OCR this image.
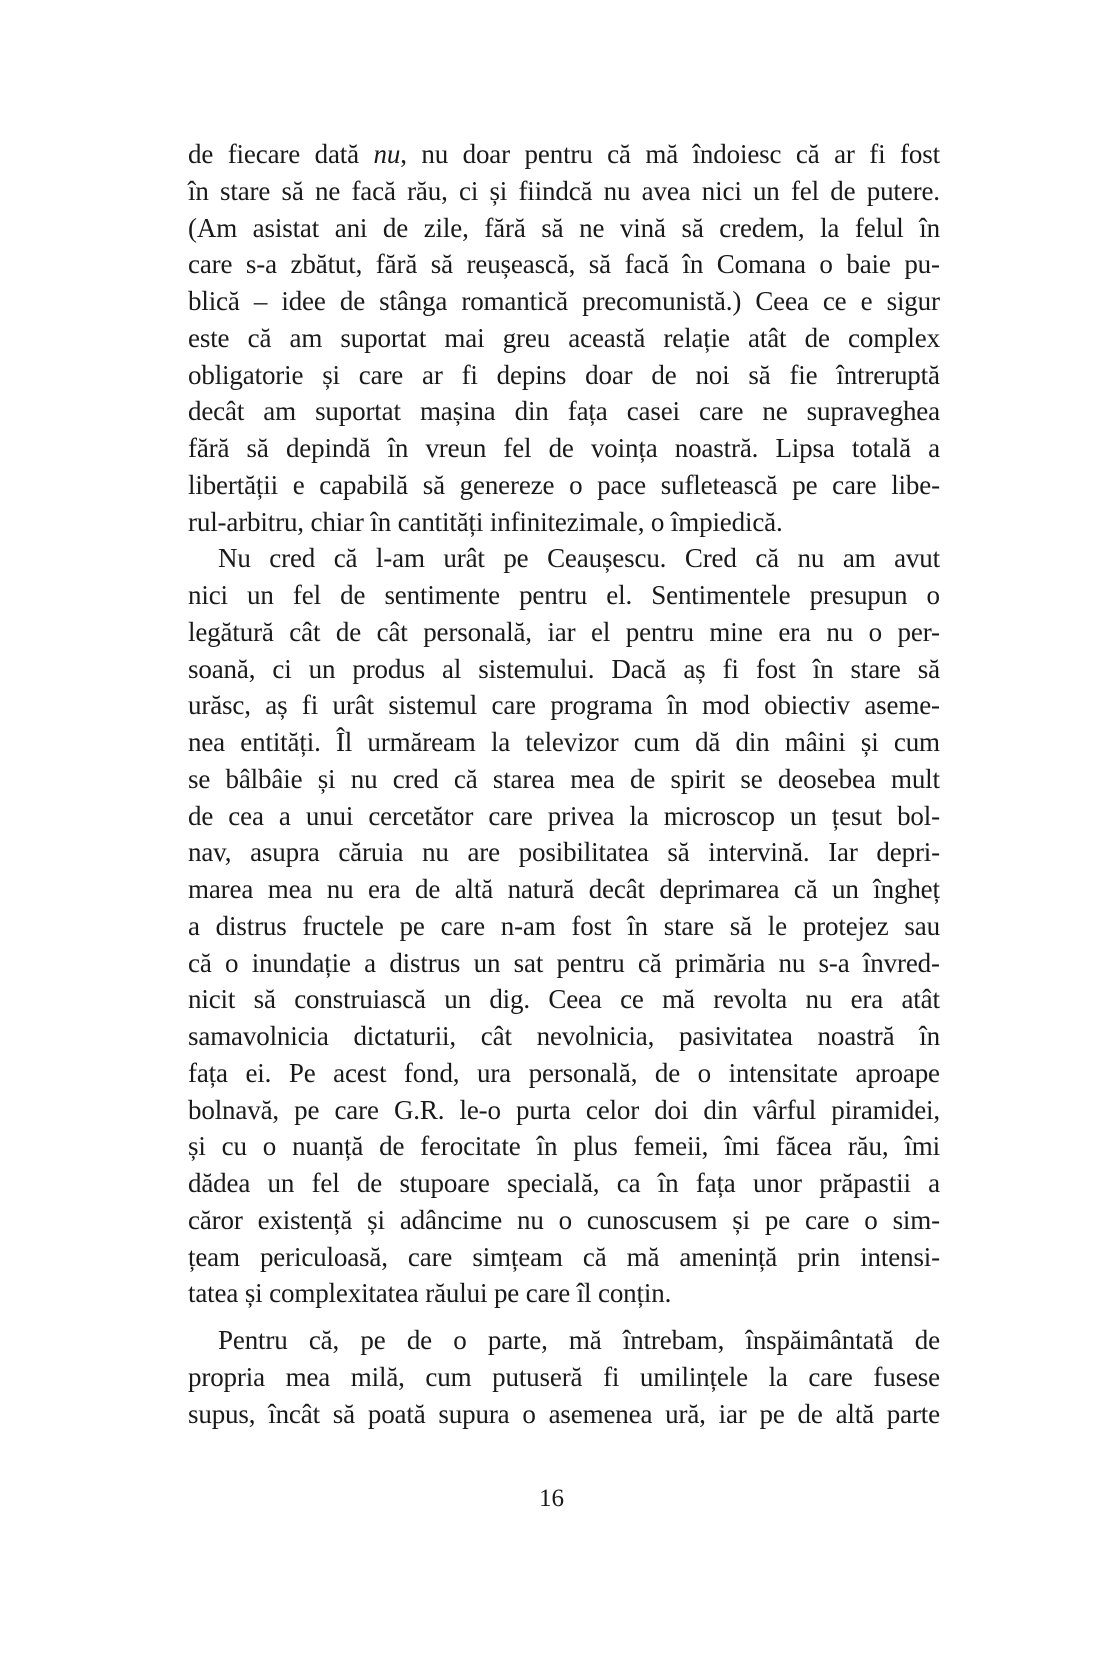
de fiecare dată nu, nu doar pentru că mă îndoiesc că ar fi fost
în stare să ne facă rău, ci și fiindcă nu avea nici un fel de putere.
(Am asistat ani de zile, fără să ne vină să credem, la felul în
care s-a zbătut, fără să reușească, să facă în Comana o baie pu-
blică – idee de stânga romantică precomunistă.) Ceea ce e sigur
este că am suportat mai greu această relație atât de complex
obligatorie și care ar fi depins doar de noi să fie întreruptă
decât am suportat mașina din fața casei care ne supraveghea
fără să depindă în vreun fel de voința noastră. Lipsa totală a
libertății e capabilă să genereze o pace sufletească pe care libe-
rul-arbitru, chiar în cantități infinitezimale, o împiedică.
Nu cred că l-am urât pe Ceaușescu. Cred că nu am avut
nici un fel de sentimente pentru el. Sentimentele presupun o
legătură cât de cât personală, iar el pentru mine era nu o per-
soană, ci un produs al sistemului. Dacă aș fi fost în stare să
urăsc, aș fi urât sistemul care programa în mod obiectiv aseme-
nea entități. Îl urmăream la televizor cum dă din mâini și cum
se bâlbâie și nu cred că starea mea de spirit se deosebea mult
de cea a unui cercetător care privea la microscop un țesut bol-
nav, asupra căruia nu are posibilitatea să intervină. Iar depri-
marea mea nu era de altă natură decât deprimarea că un îngheț
a distrus fructele pe care n-am fost în stare să le protejez sau
că o inundație a distrus un sat pentru că primăria nu s-a învred-
nicit să construiască un dig. Ceea ce mă revolta nu era atât
samavolnicia dictaturii, cât nevolnicia, pasivitatea noastră în
fața ei. Pe acest fond, ura personală, de o intensitate aproape
bolnavă, pe care G.R. le-o purta celor doi din vârful piramidei,
și cu o nuanță de ferocitate în plus femeii, îmi făcea rău, îmi
dădea un fel de stupoare specială, ca în fața unor prăpastii a
căror existență și adâncime nu o cunoscusem și pe care o sim-
țeam periculoasă, care simțeam că mă amenință prin intensi-
tatea și complexitatea răului pe care îl conțin.
Pentru că, pe de o parte, mă întrebam, înspăimântată de
propria mea milă, cum putuseră fi umilințele la care fusese
supus, încât să poată supura o asemenea ură, iar pe de altă parte
16
